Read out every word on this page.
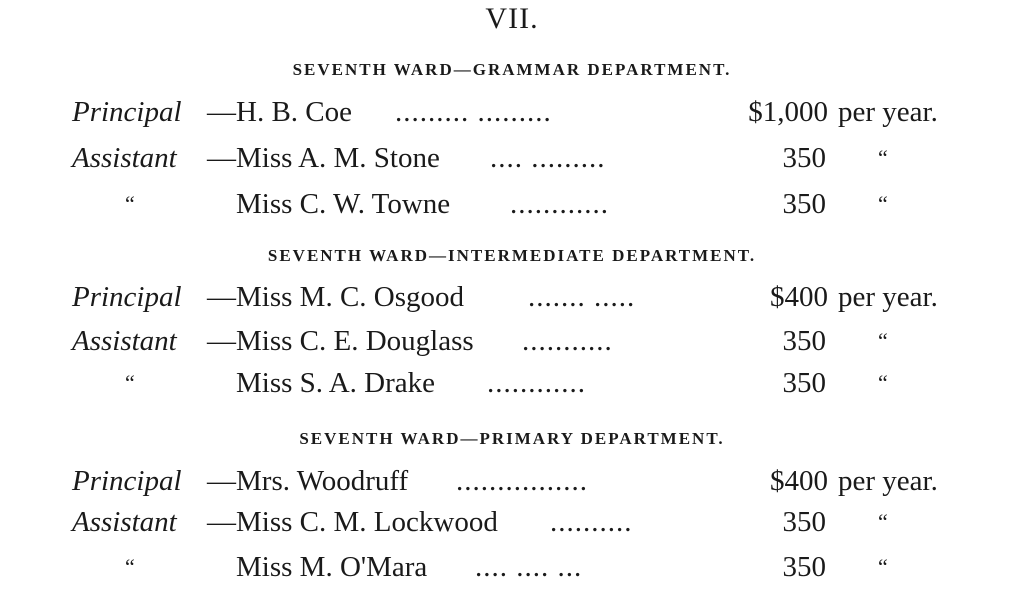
VII.
SEVENTH WARD—GRAMMAR DEPARTMENT.
Principal —H. B. Coe ......... .........	$1,000 per year.
Assistant —Miss A. M. Stone .... .........	350 “
“	Miss C. W. Towne ............	350 “
SEVENTH WARD—INTERMEDIATE DEPARTMENT.
Principal —Miss M. C. Osgood ....... .....	$400 per year.
Assistant —Miss C. E. Douglass ...........	350 “
“	Miss S. A. Drake ............	350 “
SEVENTH WARD—PRIMARY DEPARTMENT.
Principal —Mrs. Woodruff ................	$400 per year.
Assistant —Miss C. M. Lockwood ..........	350 “
“	Miss M. O'Mara .... .... ...	350 “
